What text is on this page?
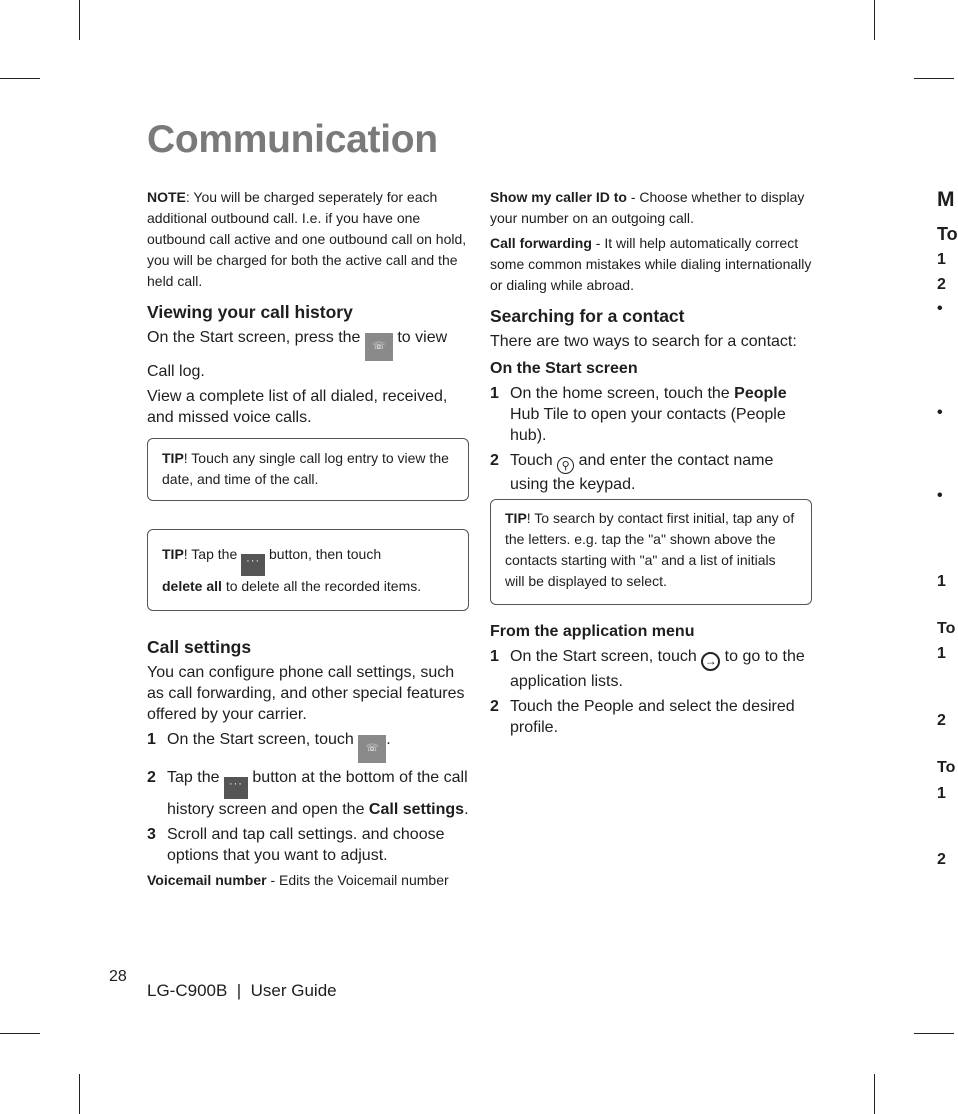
Communication

NOTE: You will be charged seperately for each additional outbound call. I.e. if you have one outbound call active and one outbound call on hold, you will be charged for both the active call and the held call.

Viewing your call history

On the Start screen, press the ☏ to view Call log.

View a complete list of all dialed, received, and missed voice calls.

TIP! Touch any single call log entry to view the date, and time of the call.
TIP! Tap the ··· button, then touch
delete all to delete all the recorded items.
Call settings

You can configure phone call settings, such as call forwarding, and other special features offered by your carrier.

1 On the Start screen, touch ☏.
2 Tap the ··· button at the bottom of the call history screen and open the Call settings.
3 Scroll and tap call settings. and choose options that you want to adjust.

Voicemail number - Edits the Voicemail number

Show my caller ID to - Choose whether to display your number on an outgoing call.

Call forwarding - It will help automatically correct some common mistakes while dialing internationally or dialing while abroad.

Searching for a contact

There are two ways to search for a contact:

On the Start screen

1 On the home screen, touch the People Hub Tile to open your contacts (People hub).
2 Touch ⚲ and enter the contact name using the keypad.
TIP! To search by contact first initial, tap any of the letters. e.g. tap the "a" shown above the contacts starting with "a" and a list of initials will be displayed to select.

From the application menu

1 On the Start screen, touch → to go to the application lists.
2 Touch the People and select the desired profile.
M
To
1
2
•
•
•
1
To
1
2
To
1
2
28
LG-C900B  |  User Guide
